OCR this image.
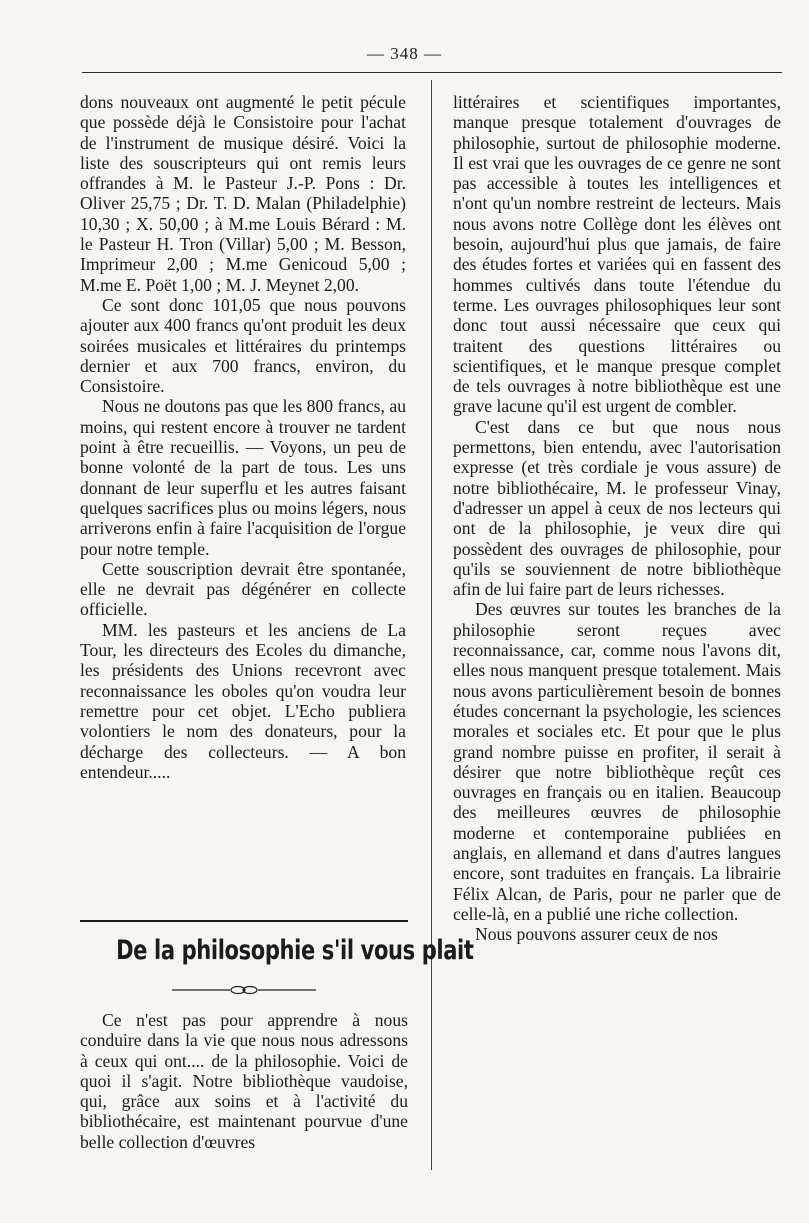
— 348 —

dons nouveaux ont augmenté le petit pécule que possède déjà le Consistoire pour l'achat de l'instrument de musique désiré. Voici la liste des souscripteurs qui ont remis leurs offrandes à M. le Pasteur J.-P. Pons : Dr. Oliver 25,75 ; Dr. T. D. Malan (Philadelphie) 10,30 ; X. 50,00 ; à M.me Louis Bérard : M. le Pasteur H. Tron (Villar) 5,00 ; M. Besson, Imprimeur 2,00 ; M.me Genicoud 5,00 ; M.me E. Poët 1,00 ; M. J. Meynet 2,00.

Ce sont donc 101,05 que nous pouvons ajouter aux 400 francs qu'ont produit les deux soirées musicales et littéraires du printemps dernier et aux 700 francs, environ, du Consistoire.

Nous ne doutons pas que les 800 francs, au moins, qui restent encore à trouver ne tardent point à être recueillis. — Voyons, un peu de bonne volonté de la part de tous. Les uns donnant de leur superflu et les autres faisant quelques sacrifices plus ou moins légers, nous arriverons enfin à faire l'acquisition de l'orgue pour notre temple.

Cette souscription devrait être spontanée, elle ne devrait pas dégénérer en collecte officielle.

MM. les pasteurs et les anciens de La Tour, les directeurs des Ecoles du dimanche, les présidents des Unions recevront avec reconnaissance les oboles qu'on voudra leur remettre pour cet objet. L'Echo publiera volontiers le nom des donateurs, pour la décharge des collecteurs. — A bon entendeur.....

De la philosophie s'il vous plait

Ce n'est pas pour apprendre à nous conduire dans la vie que nous nous adressons à ceux qui ont.... de la philosophie. Voici de quoi il s'agit. Notre bibliothèque vaudoise, qui, grâce aux soins et à l'activité du bibliothécaire, est maintenant pourvue d'une belle collection d'œuvres

littéraires et scientifiques importantes, manque presque totalement d'ouvrages de philosophie, surtout de philosophie moderne. Il est vrai que les ouvrages de ce genre ne sont pas accessible à toutes les intelligences et n'ont qu'un nombre restreint de lecteurs. Mais nous avons notre Collège dont les élèves ont besoin, aujourd'hui plus que jamais, de faire des études fortes et variées qui en fassent des hommes cultivés dans toute l'étendue du terme. Les ouvrages philosophiques leur sont donc tout aussi nécessaire que ceux qui traitent des questions littéraires ou scientifiques, et le manque presque complet de tels ouvrages à notre bibliothèque est une grave lacune qu'il est urgent de combler.

C'est dans ce but que nous nous permettons, bien entendu, avec l'autorisation expresse (et très cordiale je vous assure) de notre bibliothécaire, M. le professeur Vinay, d'adresser un appel à ceux de nos lecteurs qui ont de la philosophie, je veux dire qui possèdent des ouvrages de philosophie, pour qu'ils se souviennent de notre bibliothèque afin de lui faire part de leurs richesses.

Des œuvres sur toutes les branches de la philosophie seront reçues avec reconnaissance, car, comme nous l'avons dit, elles nous manquent presque totalement. Mais nous avons particulièrement besoin de bonnes études concernant la psychologie, les sciences morales et sociales etc. Et pour que le plus grand nombre puisse en profiter, il serait à désirer que notre bibliothèque reçût ces ouvrages en français ou en italien. Beaucoup des meilleures œuvres de philosophie moderne et contemporaine publiées en anglais, en allemand et dans d'autres langues encore, sont traduites en français. La librairie Félix Alcan, de Paris, pour ne parler que de celle-là, en a publié une riche collection.

Nous pouvons assurer ceux de nos
